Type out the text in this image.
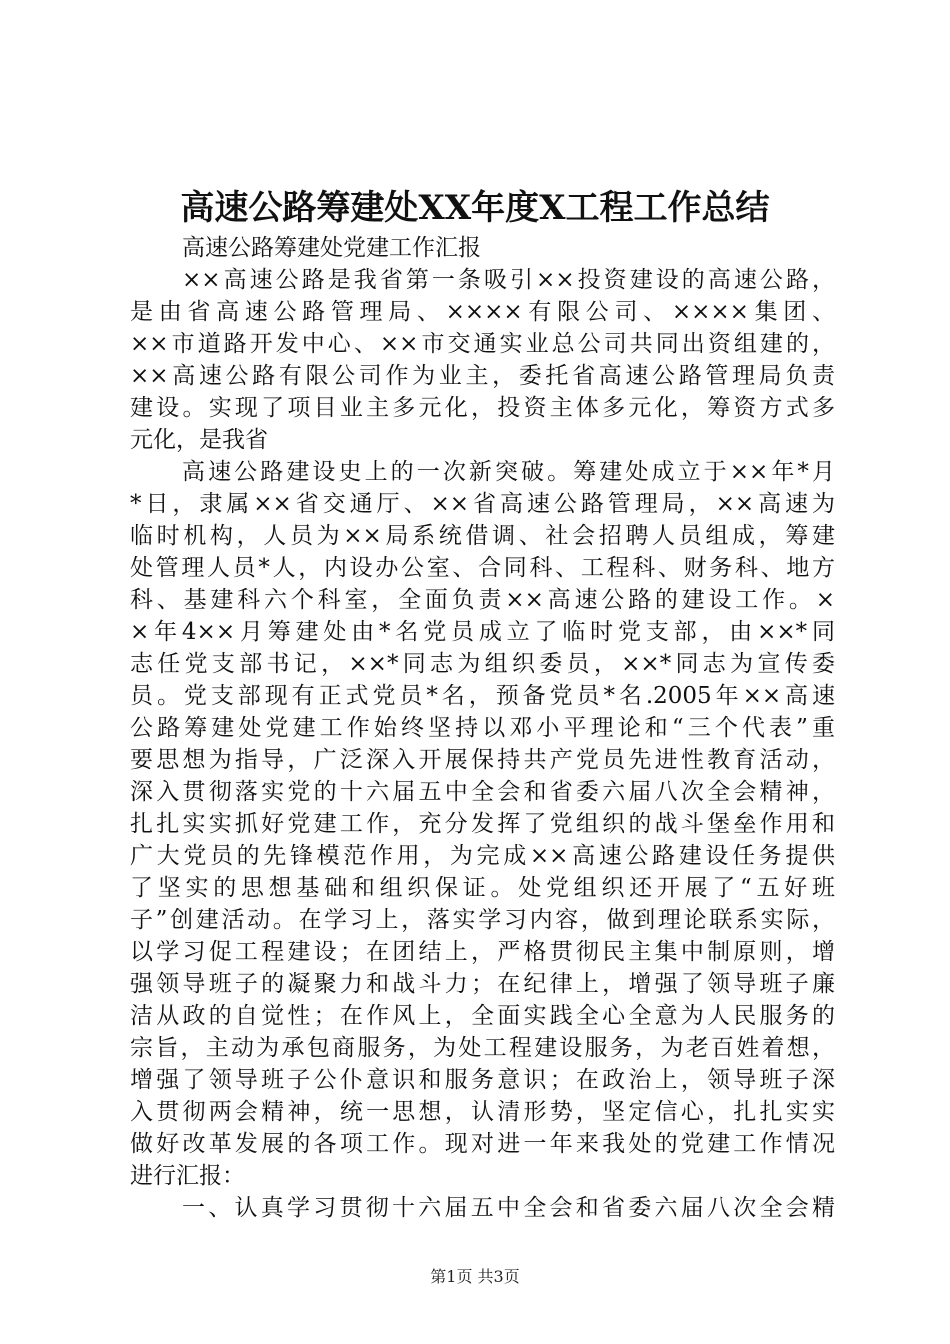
高速公路筹建处XX年度X工程工作总结
高速公路筹建处党建工作汇报
××高速公路是我省第一条吸引××投资建设的高速公路，
是由省高速公路管理局、××××有限公司、××××集团、
××市道路开发中心、××市交通实业总公司共同出资组建的，
××高速公路有限公司作为业主，委托省高速公路管理局负责
建设。实现了项目业主多元化，投资主体多元化，筹资方式多
元化，是我省
高速公路建设史上的一次新突破。筹建处成立于××年*月
*日，隶属××省交通厅、××省高速公路管理局，××高速为
临时机构，人员为××局系统借调、社会招聘人员组成，筹建
处管理人员*人，内设办公室、合同科、工程科、财务科、地方
科、基建科六个科室，全面负责××高速公路的建设工作。×
×年4××月筹建处由*名党员成立了临时党支部，由××*同
志任党支部书记，××*同志为组织委员，××*同志为宣传委
员。党支部现有正式党员*名，预备党员*名.2005年××高速
公路筹建处党建工作始终坚持以邓小平理论和“三个代表”重
要思想为指导，广泛深入开展保持共产党员先进性教育活动，
深入贯彻落实党的十六届五中全会和省委六届八次全会精神，
扎扎实实抓好党建工作，充分发挥了党组织的战斗堡垒作用和
广大党员的先锋模范作用，为完成××高速公路建设任务提供
了坚实的思想基础和组织保证。处党组织还开展了“五好班
子”创建活动。在学习上，落实学习内容，做到理论联系实际，
以学习促工程建设；在团结上，严格贯彻民主集中制原则，增
强领导班子的凝聚力和战斗力；在纪律上，增强了领导班子廉
洁从政的自觉性；在作风上，全面实践全心全意为人民服务的
宗旨，主动为承包商服务，为处工程建设服务，为老百姓着想，
增强了领导班子公仆意识和服务意识；在政治上，领导班子深
入贯彻两会精神，统一思想，认清形势，坚定信心，扎扎实实
做好改革发展的各项工作。现对进一年来我处的党建工作情况
进行汇报：
一、认真学习贯彻十六届五中全会和省委六届八次全会精
第1页 共3页
